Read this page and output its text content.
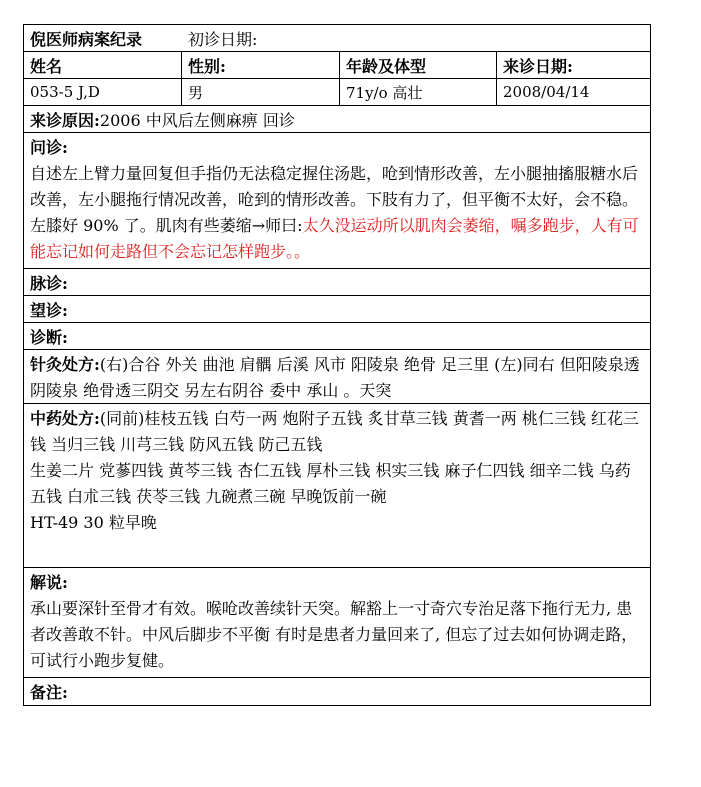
倪医师病案纪录	初诊日期:
姓名	性别:	年龄及体型	来诊日期:
053-5 J,D	男	71y/o 高壮	2008/04/14
来诊原因: 2006 中风后左侧麻痹 回诊
问诊:
自述左上臂力量回复但手指仍无法稳定握住汤匙，呛到情形改善，左小腿抽搐服糖水后改善，左小腿拖行情况改善，呛到的情形改善。下肢有力了，但平衡不太好，会不稳。左膝好 90% 了。肌肉有些萎缩→师曰:太久没运动所以肌肉会萎缩，嘱多跑步，人有可能忘记如何走路但不会忘记怎样跑步。。
脉诊:
望诊:
诊断:
针灸处方:(右)合谷 外关 曲池 肩髃 后溪 风市 阳陵泉 绝骨 足三里 (左)同右 但阳陵泉透阴陵泉 绝骨透三阴交 另左右阴谷 委中 承山 。天突
中药处方:(同前)桂枝五钱 白芍一两 炮附子五钱 炙甘草三钱 黄耆一两 桃仁三钱 红花三钱 当归三钱 川芎三钱 防风五钱 防己五钱
生姜二片 党蔘四钱 黄芩三钱 杏仁五钱 厚朴三钱 枳实三钱 麻子仁四钱 细辛二钱 乌药五钱 白朮三钱 茯苓三钱 九碗煮三碗 早晚饭前一碗
HT-49 30 粒早晚
解说:
承山要深针至骨才有效。喉呛改善续针天突。解豁上一寸奇穴专治足落下拖行无力, 患者改善敢不针。中风后脚步不平衡 有时是患者力量回来了, 但忘了过去如何协调走路，可试行小跑步复健。
备注:
